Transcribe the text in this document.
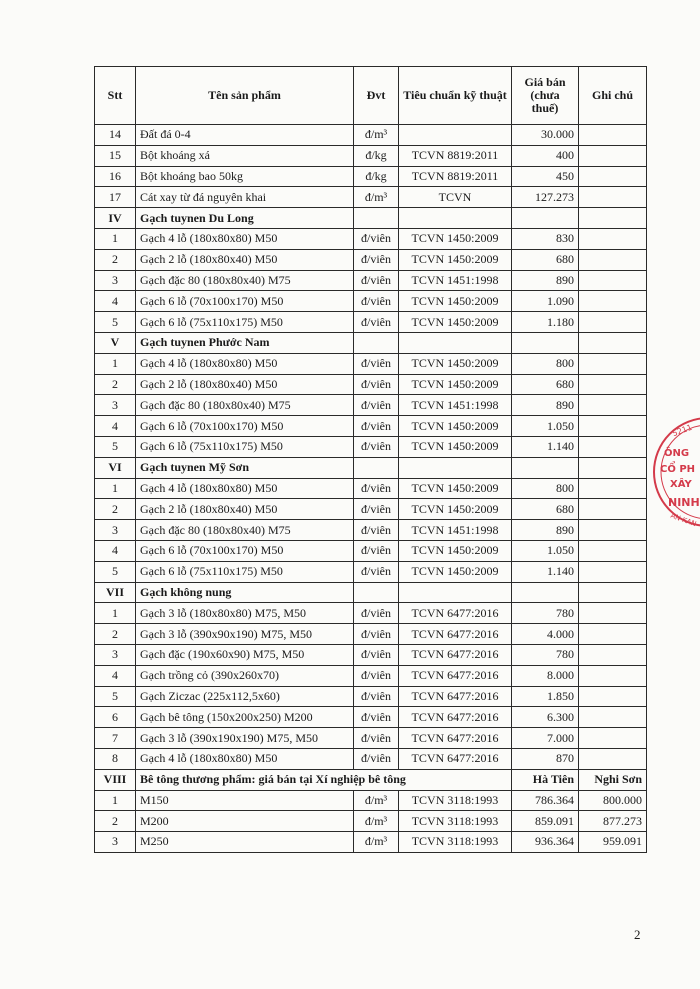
Stt	Tên sản phẩm	Đvt	Tiêu chuẩn kỹ thuật	Giá bán (chưa thuế)	Ghi chú
14	Đất đá 0-4	đ/m³		30.000	
15	Bột khoáng xá	đ/kg	TCVN 8819:2011	400	
16	Bột khoáng bao 50kg	đ/kg	TCVN 8819:2011	450	
17	Cát xay từ đá nguyên khai	đ/m³	TCVN	127.273	
IV	Gạch tuynen Du Long				
1	Gạch 4 lỗ (180x80x80) M50	đ/viên	TCVN 1450:2009	830	
2	Gạch 2 lỗ (180x80x40) M50	đ/viên	TCVN 1450:2009	680	
3	Gạch đặc 80 (180x80x40) M75	đ/viên	TCVN 1451:1998	890	
4	Gạch 6 lỗ (70x100x170) M50	đ/viên	TCVN 1450:2009	1.090	
5	Gạch 6 lỗ (75x110x175) M50	đ/viên	TCVN 1450:2009	1.180	
V	Gạch tuynen Phước Nam				
1	Gạch 4 lỗ (180x80x80) M50	đ/viên	TCVN 1450:2009	800	
2	Gạch 2 lỗ (180x80x40) M50	đ/viên	TCVN 1450:2009	680	
3	Gạch đặc 80 (180x80x40) M75	đ/viên	TCVN 1451:1998	890	
4	Gạch 6 lỗ (70x100x170) M50	đ/viên	TCVN 1450:2009	1.050	
5	Gạch 6 lỗ (75x110x175) M50	đ/viên	TCVN 1450:2009	1.140	
VI	Gạch tuynen Mỹ Sơn				
1	Gạch 4 lỗ (180x80x80) M50	đ/viên	TCVN 1450:2009	800	
2	Gạch 2 lỗ (180x80x40) M50	đ/viên	TCVN 1450:2009	680	
3	Gạch đặc 80 (180x80x40) M75	đ/viên	TCVN 1451:1998	890	
4	Gạch 6 lỗ (70x100x170) M50	đ/viên	TCVN 1450:2009	1.050	
5	Gạch 6 lỗ (75x110x175) M50	đ/viên	TCVN 1450:2009	1.140	
VII	Gạch không nung				
1	Gạch 3 lỗ (180x80x80) M75, M50	đ/viên	TCVN 6477:2016	780	
2	Gạch 3 lỗ (390x90x190) M75, M50	đ/viên	TCVN 6477:2016	4.000	
3	Gạch đặc (190x60x90) M75, M50	đ/viên	TCVN 6477:2016	780	
4	Gạch trồng cỏ (390x260x70)	đ/viên	TCVN 6477:2016	8.000	
5	Gạch Ziczac (225x112,5x60)	đ/viên	TCVN 6477:2016	1.850	
6	Gạch bê tông (150x200x250) M200	đ/viên	TCVN 6477:2016	6.300	
7	Gạch 3 lỗ (390x190x190) M75, M50	đ/viên	TCVN 6477:2016	7.000	
8	Gạch 4 lỗ (180x80x80) M50	đ/viên	TCVN 6477:2016	870	
VIII	Bê tông thương phẩm: giá bán tại Xí nghiệp bê tông			Hà Tiên	Nghi Sơn
1	M150	đ/m³	TCVN 3118:1993	786.364	800.000
2	M200	đ/m³	TCVN 3118:1993	859.091	877.273
3	M250	đ/m³	TCVN 3118:1993	936.364	959.091
2
5211
ÔNG
CỔ PH
XÂY
NINH
AN KAN
